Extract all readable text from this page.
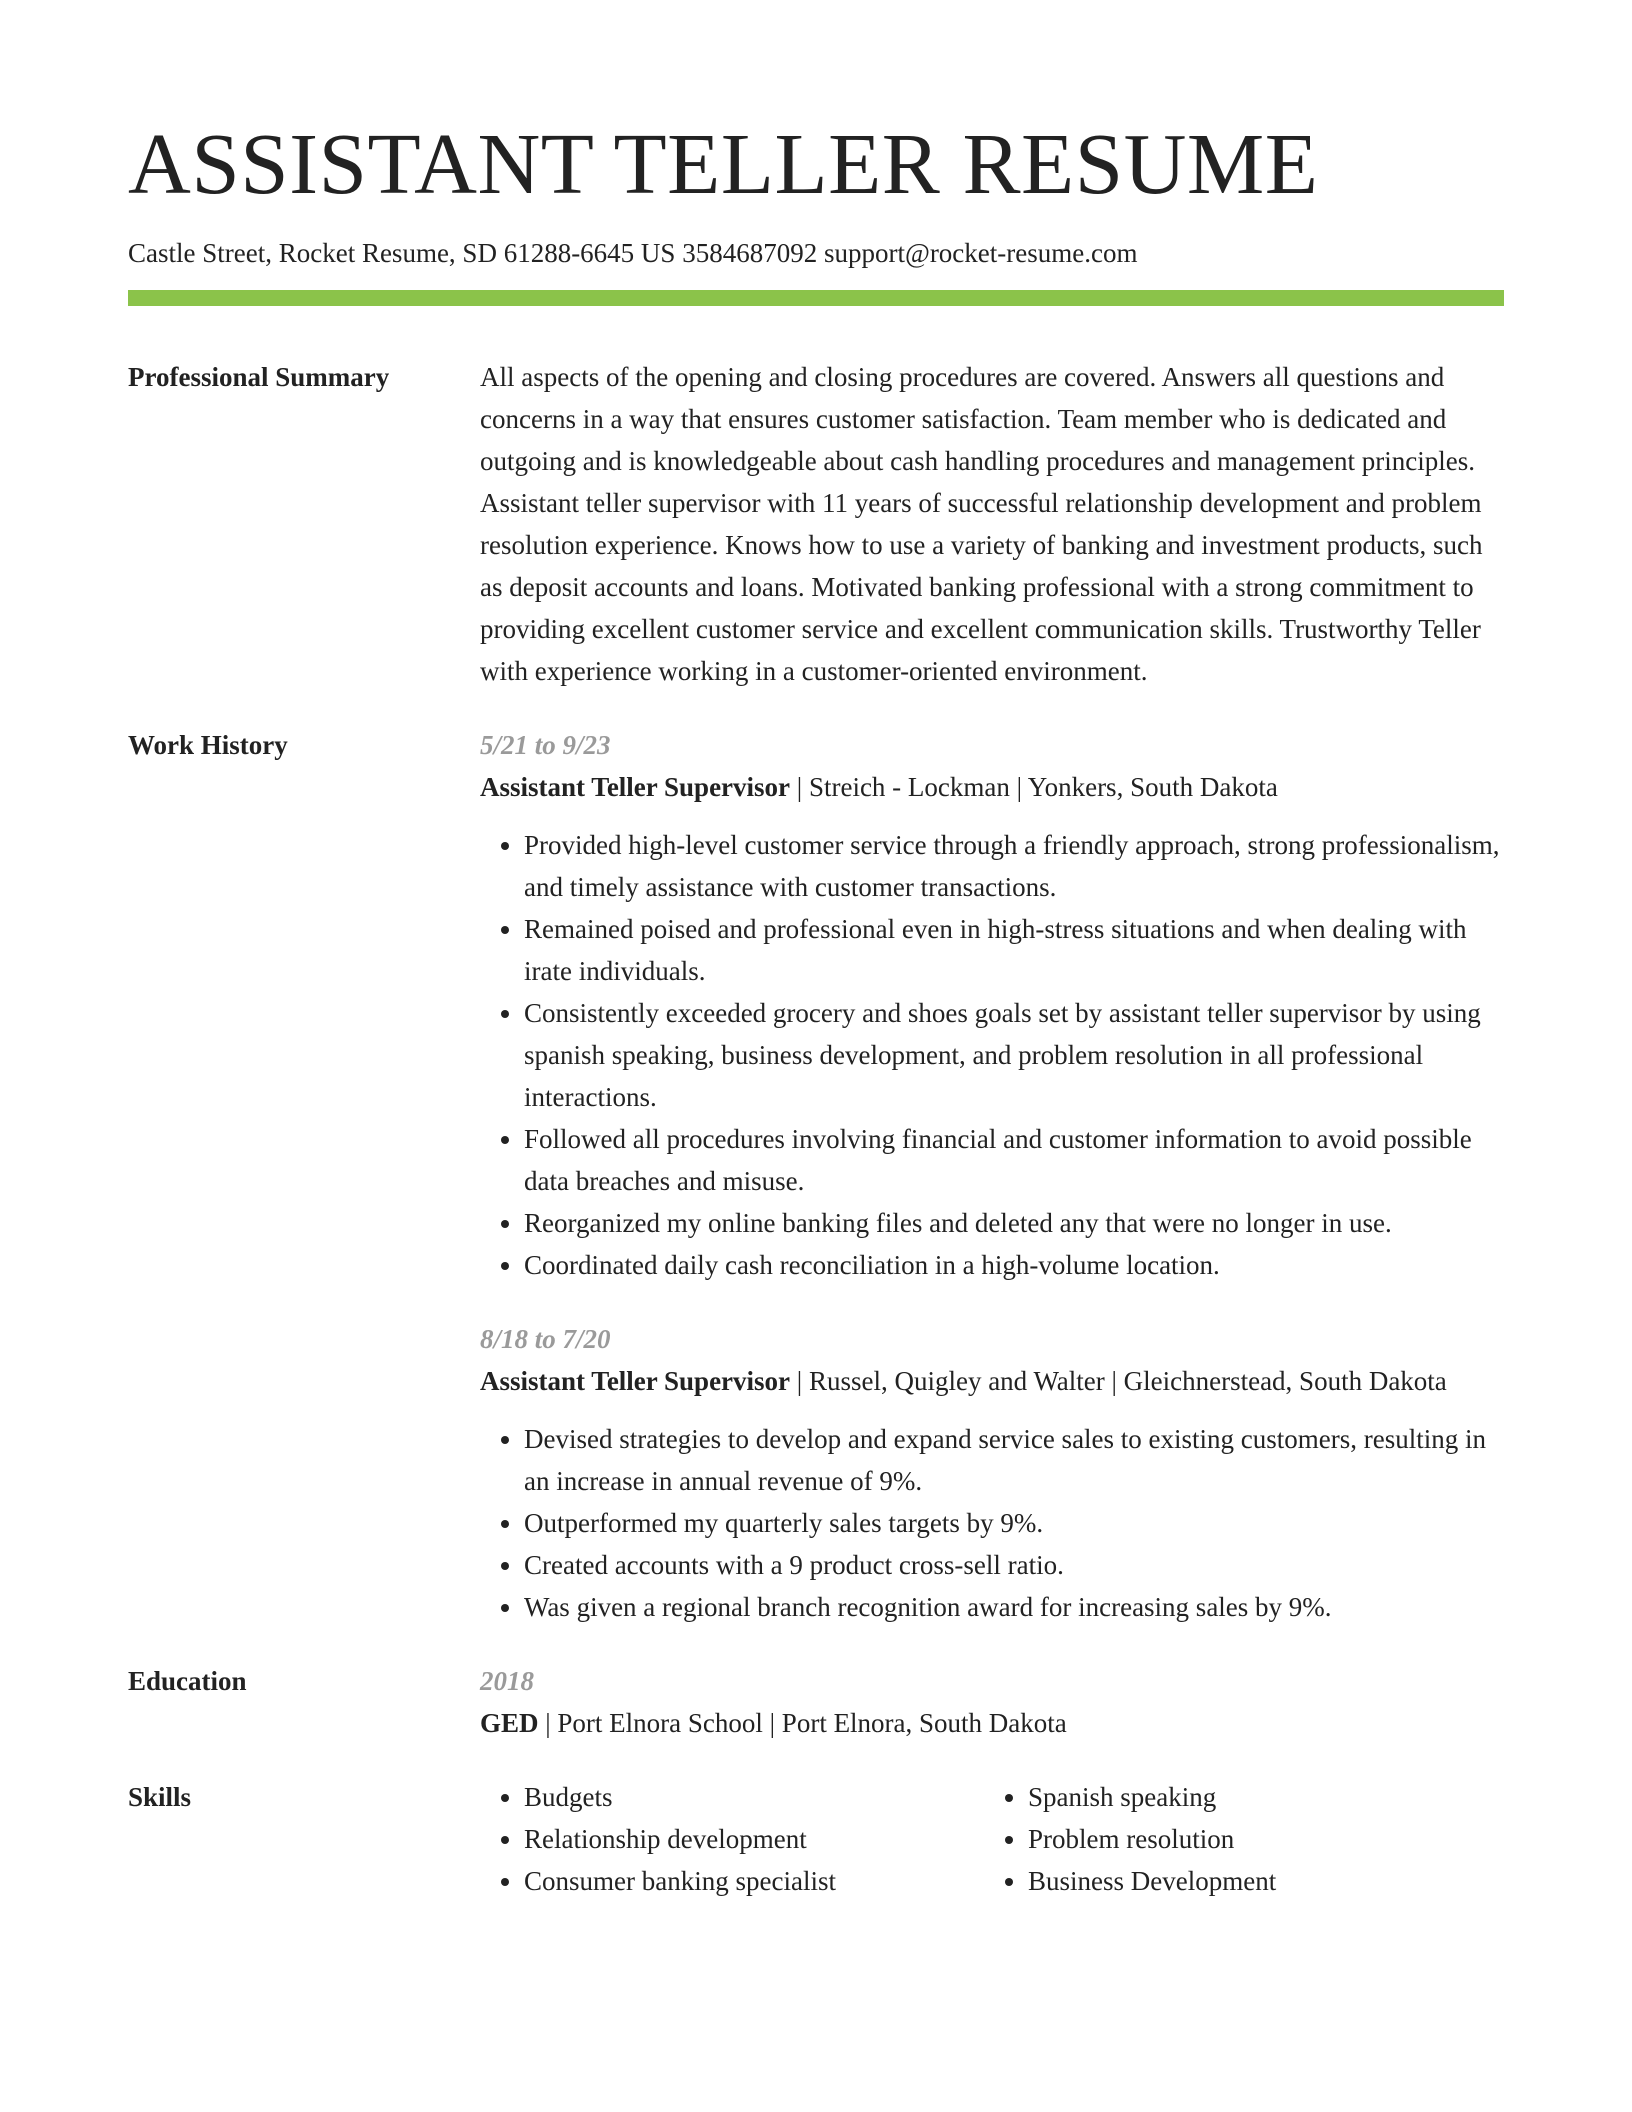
ASSISTANT TELLER RESUME
Castle Street, Rocket Resume, SD 61288-6645 US 3584687092 support@rocket-resume.com
Professional Summary	All aspects of the opening and closing procedures are covered. Answers all questions and concerns in a way that ensures customer satisfaction. Team member who is dedicated and outgoing and is knowledgeable about cash handling procedures and management principles. Assistant teller supervisor with 11 years of successful relationship development and problem resolution experience. Knows how to use a variety of banking and investment products, such as deposit accounts and loans. Motivated banking professional with a strong commitment to providing excellent customer service and excellent communication skills. Trustworthy Teller with experience working in a customer-oriented environment.
Work History	5/21 to 9/23
Assistant Teller Supervisor | Streich - Lockman | Yonkers, South Dakota
• Provided high-level customer service through a friendly approach, strong professionalism, and timely assistance with customer transactions.
• Remained poised and professional even in high-stress situations and when dealing with irate individuals.
• Consistently exceeded grocery and shoes goals set by assistant teller supervisor by using spanish speaking, business development, and problem resolution in all professional interactions.
• Followed all procedures involving financial and customer information to avoid possible data breaches and misuse.
• Reorganized my online banking files and deleted any that were no longer in use.
• Coordinated daily cash reconciliation in a high-volume location.
8/18 to 7/20
Assistant Teller Supervisor | Russel, Quigley and Walter | Gleichnerstead, South Dakota
• Devised strategies to develop and expand service sales to existing customers, resulting in an increase in annual revenue of 9%.
• Outperformed my quarterly sales targets by 9%.
• Created accounts with a 9 product cross-sell ratio.
• Was given a regional branch recognition award for increasing sales by 9%.
Education	2018
GED | Port Elnora School | Port Elnora, South Dakota
Skills
•	Budgets
• Relationship development
• Consumer banking specialist
• Spanish speaking
• Problem resolution
• Business Development
